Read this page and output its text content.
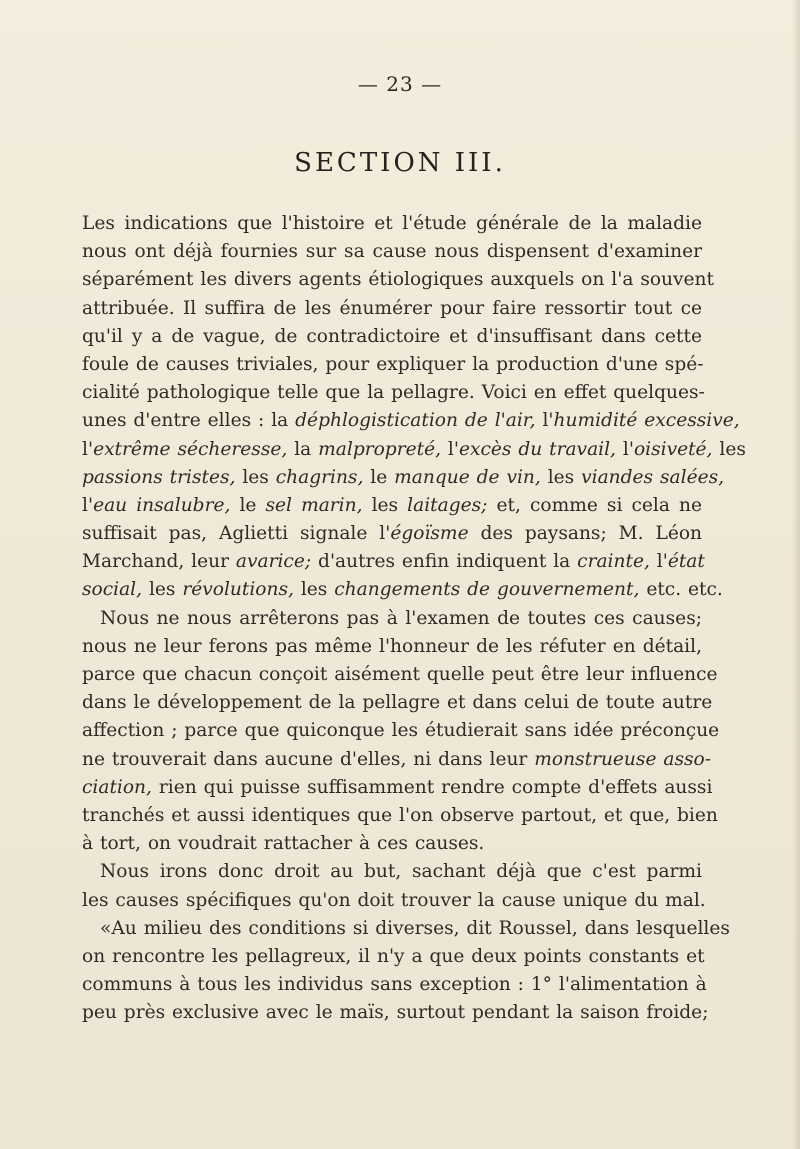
— 23 —
SECTION III.
Les indications que l'histoire et l'étude générale de la maladie
nous ont déjà fournies sur sa cause nous dispensent d'examiner
séparément les divers agents étiologiques auxquels on l'a souvent
attribuée. Il suffira de les énumérer pour faire ressortir tout ce
qu'il y a de vague, de contradictoire et d'insuffisant dans cette
foule de causes triviales, pour expliquer la production d'une spé-
cialité pathologique telle que la pellagre. Voici en effet quelques-
unes d'entre elles : la déphlogistication de l'air, l'humidité excessive,
l'extrême sécheresse, la malpropreté, l'excès du travail, l'oisiveté, les
passions tristes, les chagrins, le manque de vin, les viandes salées,
l'eau insalubre, le sel marin, les laitages; et, comme si cela ne
suffisait pas, Aglietti signale l'égoïsme des paysans; M. Léon
Marchand, leur avarice; d'autres enfin indiquent la crainte, l'état
social, les révolutions, les changements de gouvernement, etc. etc.
Nous ne nous arrêterons pas à l'examen de toutes ces causes;
nous ne leur ferons pas même l'honneur de les réfuter en détail,
parce que chacun conçoit aisément quelle peut être leur influence
dans le développement de la pellagre et dans celui de toute autre
affection ; parce que quiconque les étudierait sans idée préconçue
ne trouverait dans aucune d'elles, ni dans leur monstrueuse asso-
ciation, rien qui puisse suffisamment rendre compte d'effets aussi
tranchés et aussi identiques que l'on observe partout, et que, bien
à tort, on voudrait rattacher à ces causes.
Nous irons donc droit au but, sachant déjà que c'est parmi
les causes spécifiques qu'on doit trouver la cause unique du mal.
«Au milieu des conditions si diverses, dit Roussel, dans lesquelles
on rencontre les pellagreux, il n'y a que deux points constants et
communs à tous les individus sans exception : 1° l'alimentation à
peu près exclusive avec le maïs, surtout pendant la saison froide;
